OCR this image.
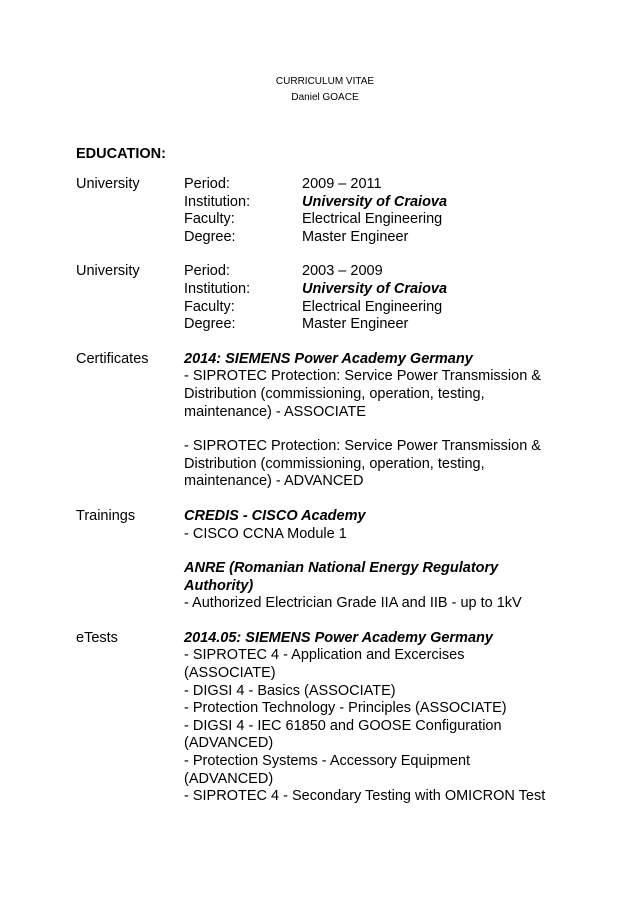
CURRICULUM VITAE
Daniel GOACE
EDUCATION:
University	Period:	2009 – 2011
Institution:	University of Craiova
Faculty:	Electrical Engineering
Degree:	Master Engineer
University	Period:	2003 – 2009
Institution:	University of Craiova
Faculty:	Electrical Engineering
Degree:	Master Engineer
Certificates	2014: SIEMENS Power Academy Germany
- SIPROTEC Protection: Service Power Transmission &
Distribution (commissioning, operation, testing,
maintenance) - ASSOCIATE
- SIPROTEC Protection: Service Power Transmission &
Distribution (commissioning, operation, testing,
maintenance) - ADVANCED
Trainings	CREDIS - CISCO Academy
- CISCO CCNA Module 1
ANRE (Romanian National Energy Regulatory
Authority)
- Authorized Electrician Grade IIA and IIB - up to 1kV
eTests	2014.05: SIEMENS Power Academy Germany
- SIPROTEC 4 - Application and Excercises
(ASSOCIATE)
- DIGSI 4 - Basics (ASSOCIATE)
- Protection Technology - Principles (ASSOCIATE)
- DIGSI 4 - IEC 61850 and GOOSE Configuration
(ADVANCED)
- Protection Systems - Accessory Equipment
(ADVANCED)
- SIPROTEC 4 - Secondary Testing with OMICRON Test
